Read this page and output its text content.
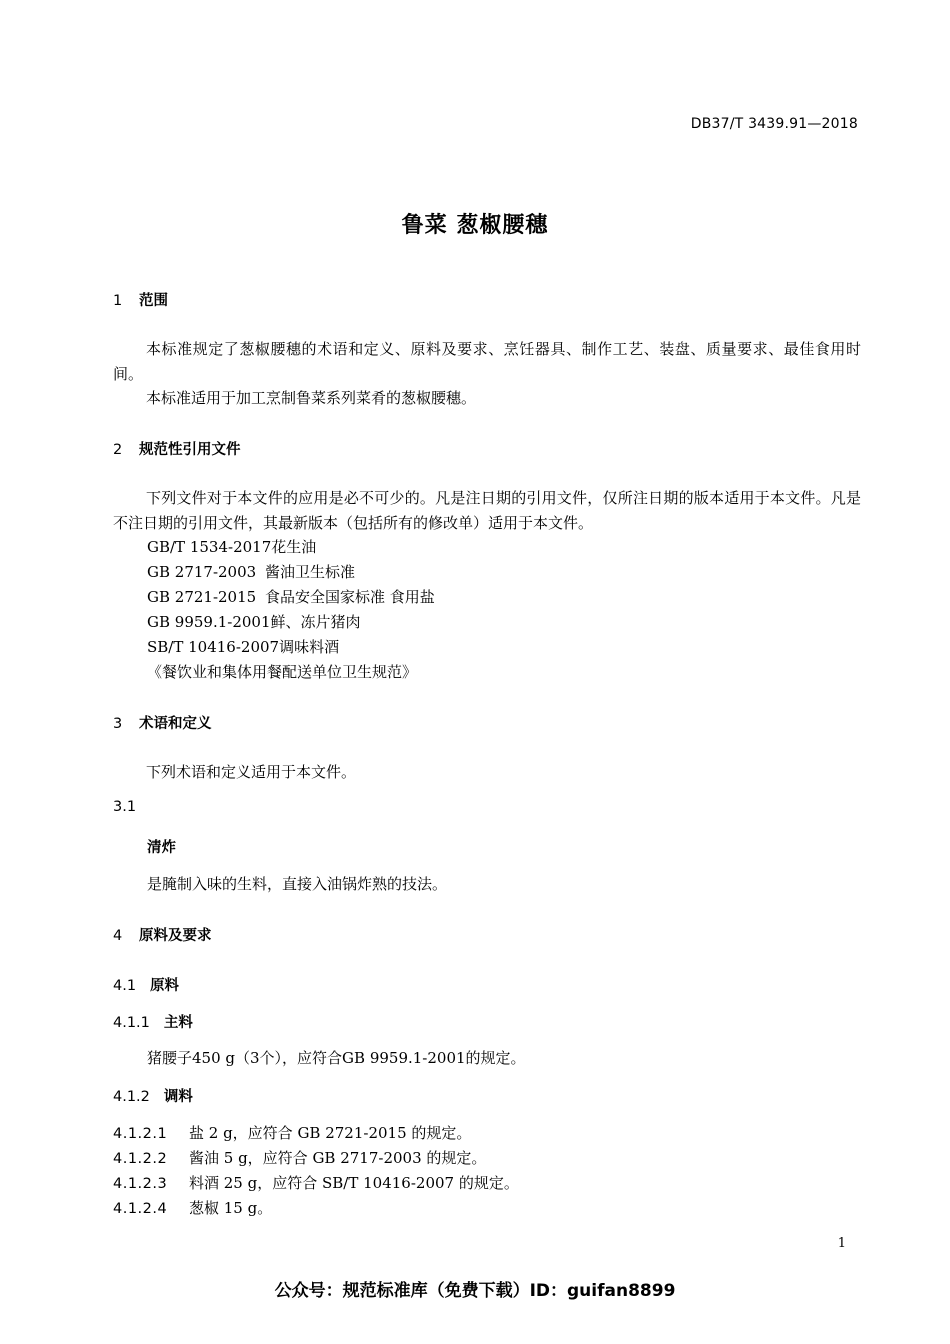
DB37/T 3439.91—2018
鲁菜 葱椒腰穗
1 范围
本标准规定了葱椒腰穗的术语和定义、原料及要求、烹饪器具、制作工艺、装盘、质量要求、最佳食用时间。
本标准适用于加工烹制鲁菜系列菜肴的葱椒腰穗。
2 规范性引用文件
下列文件对于本文件的应用是必不可少的。凡是注日期的引用文件，仅所注日期的版本适用于本文件。凡是不注日期的引用文件，其最新版本（包括所有的修改单）适用于本文件。
GB/T 1534-2017花生油
GB 2717-2003 酱油卫生标准
GB 2721-2015 食品安全国家标准 食用盐
GB 9959.1-2001鲜、冻片猪肉
SB/T 10416-2007调味料酒
《餐饮业和集体用餐配送单位卫生规范》
3 术语和定义
下列术语和定义适用于本文件。
3.1
清炸
是腌制入味的生料，直接入油锅炸熟的技法。
4 原料及要求
4.1 原料
4.1.1 主料
猪腰子450 g（3个），应符合GB 9959.1-2001的规定。
4.1.2 调料
4.1.2.1 盐 2 g，应符合 GB 2721-2015 的规定。
4.1.2.2 酱油 5 g，应符合 GB 2717-2003 的规定。
4.1.2.3 料酒 25 g，应符合 SB/T 10416-2007 的规定。
4.1.2.4 葱椒 15 g。
1
公众号：规范标准库（免费下载）ID：guifan8899
